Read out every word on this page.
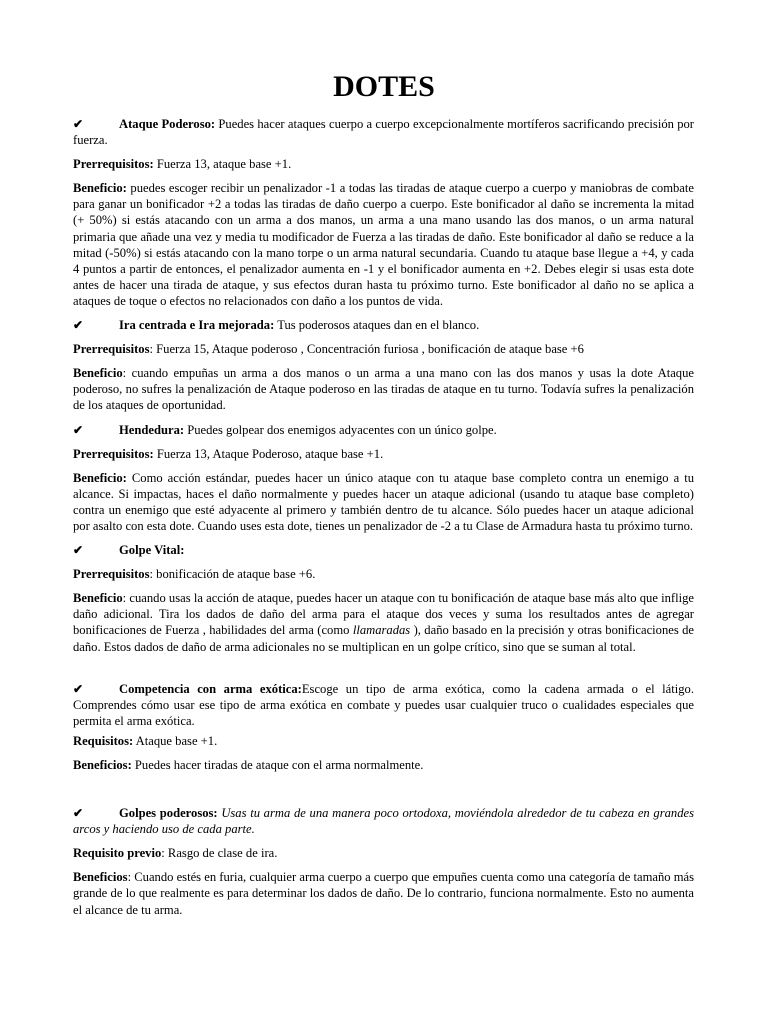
DOTES
✔	Ataque Poderoso: Puedes hacer ataques cuerpo a cuerpo excepcionalmente mortíferos sacrificando precisión por fuerza.
Prerrequisitos: Fuerza 13, ataque base +1.
Beneficio: puedes escoger recibir un penalizador -1 a todas las tiradas de ataque cuerpo a cuerpo y maniobras de combate para ganar un bonificador +2 a todas las tiradas de daño cuerpo a cuerpo. Este bonificador al daño se incrementa la mitad (+ 50%) si estás atacando con un arma a dos manos, un arma a una mano usando las dos manos, o un arma natural primaria que añade una vez y media tu modificador de Fuerza a las tiradas de daño. Este bonificador al daño se reduce a la mitad (-50%) si estás atacando con la mano torpe o un arma natural secundaria. Cuando tu ataque base llegue a +4, y cada 4 puntos a partir de entonces, el penalizador aumenta en -1 y el bonificador aumenta en +2. Debes elegir si usas esta dote antes de hacer una tirada de ataque, y sus efectos duran hasta tu próximo turno. Este bonificador al daño no se aplica a ataques de toque o efectos no relacionados con daño a los puntos de vida.
✔	Ira centrada e Ira mejorada: Tus poderosos ataques dan en el blanco.
Prerrequisitos: Fuerza 15, Ataque poderoso , Concentración furiosa , bonificación de ataque base +6
Beneficio: cuando empuñas un arma a dos manos o un arma a una mano con las dos manos y usas la dote Ataque poderoso, no sufres la penalización de Ataque poderoso en las tiradas de ataque en tu turno. Todavía sufres la penalización de los ataques de oportunidad.
✔	Hendedura: Puedes golpear dos enemigos adyacentes con un único golpe.
Prerrequisitos: Fuerza 13, Ataque Poderoso, ataque base +1.
Beneficio: Como acción estándar, puedes hacer un único ataque con tu ataque base completo contra un enemigo a tu alcance. Si impactas, haces el daño normalmente y puedes hacer un ataque adicional (usando tu ataque base completo) contra un enemigo que esté adyacente al primero y también dentro de tu alcance. Sólo puedes hacer un ataque adicional por asalto con esta dote. Cuando uses esta dote, tienes un penalizador de -2 a tu Clase de Armadura hasta tu próximo turno.
✔	Golpe Vital:
Prerrequisitos: bonificación de ataque base +6.
Beneficio: cuando usas la acción de ataque, puedes hacer un ataque con tu bonificación de ataque base más alto que inflige daño adicional. Tira los dados de daño del arma para el ataque dos veces y suma los resultados antes de agregar bonificaciones de Fuerza , habilidades del arma (como llamaradas ), daño basado en la precisión y otras bonificaciones de daño. Estos dados de daño de arma adicionales no se multiplican en un golpe crítico, sino que se suman al total.
✔	Competencia con arma exótica:Escoge un tipo de arma exótica, como la cadena armada o el látigo. Comprendes cómo usar ese tipo de arma exótica en combate y puedes usar cualquier truco o cualidades especiales que permita el arma exótica.
Requisitos: Ataque base +1.
Beneficios: Puedes hacer tiradas de ataque con el arma normalmente.
✔	Golpes poderosos: Usas tu arma de una manera poco ortodoxa, moviéndola alrededor de tu cabeza en grandes arcos y haciendo uso de cada parte.
Requisito previo: Rasgo de clase de ira.
Beneficios: Cuando estés en furia, cualquier arma cuerpo a cuerpo que empuñes cuenta como una categoría de tamaño más grande de lo que realmente es para determinar los dados de daño. De lo contrario, funciona normalmente. Esto no aumenta el alcance de tu arma.
